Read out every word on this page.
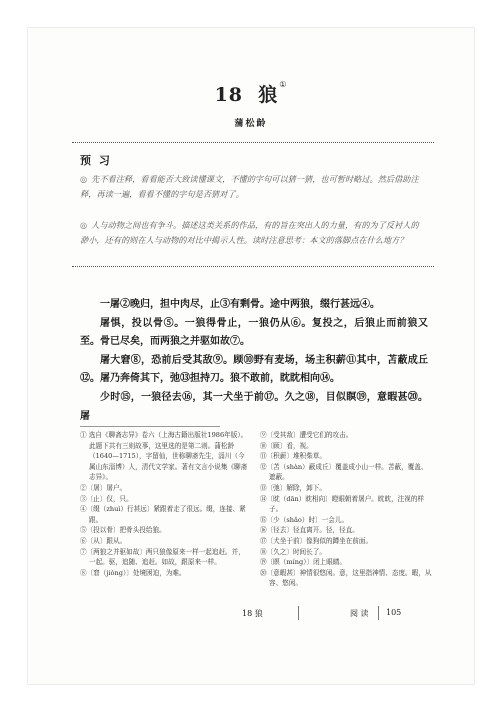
18 狼①
蒲松龄
预 习
◎ 先不看注释，看看能否大致读懂课文，不懂的字句可以猜一猜，也可暂时略过。然后借助注释，再读一遍，看看不懂的字句是否猜对了。
◎ 人与动物之间也有争斗。描述这类关系的作品，有的旨在突出人的力量，有的为了反衬人的渺小，还有的则在人与动物的对比中揭示人性。读时注意思考：本文的落脚点在什么地方？

一屠②晚归，担中肉尽，止③有剩骨。途中两狼，缀行甚远④。

屠惧，投以骨⑤。一狼得骨止，一狼仍从⑥。复投之，后狼止而前狼又至。骨已尽矣，而两狼之并驱如故⑦。

屠大窘⑧，恐前后受其敌⑨。顾⑩野有麦场，场主积薪⑪其中，苫蔽成丘⑫。屠乃奔倚其下，弛⑬担持刀。狼不敢前，眈眈相向⑭。

少时⑮，一狼径去⑯，其一犬坐于前⑰。久之⑱，目似瞑⑲，意暇甚⑳。屠

① 选自《聊斋志异》卷六（上海古籍出版社1986年版）。此题下共有三则故事，这里选的是第二则。蒲松龄（1640—1715），字留仙，世称聊斋先生，淄川（今属山东淄博）人，清代文学家。著有文言小说集《聊斋志异》。

②〔屠〕屠户。

③〔止〕仅，只。

④〔缀（zhuì）行甚远〕紧跟着走了很远。缀，连接、紧跟。

⑤〔投以骨〕把骨头投给狼。

⑥〔从〕跟从。

⑦〔两狼之并驱如故〕两只狼像原来一样一起追赶。并，一起。驱，追随、追赶。如故，跟原来一样。

⑧〔窘（jiǒng）〕处境困迫，为难。

⑨〔受其敌〕遭受它们的攻击。

⑩〔顾〕看，视。

⑪〔积薪〕堆积柴草。

⑫〔苫（shàn）蔽成丘〕覆盖成小山一样。苫蔽，覆盖、遮蔽。

⑬〔弛〕解除，卸下。

⑭〔眈（dān）眈相向〕瞪眼朝着屠户。眈眈，注视的样子。

⑮〔少（shǎo）时〕一会儿。

⑯〔径去〕径直离开。径，径直。

⑰〔犬坐于前〕像狗似的蹲坐在前面。

⑱〔久之〕时间长了。

⑲〔瞑（míng）〕闭上眼睛。

⑳〔意暇甚〕神情很悠闲。意，这里指神情、态度。暇，从容、悠闲。

18 狼	阅 读 105
